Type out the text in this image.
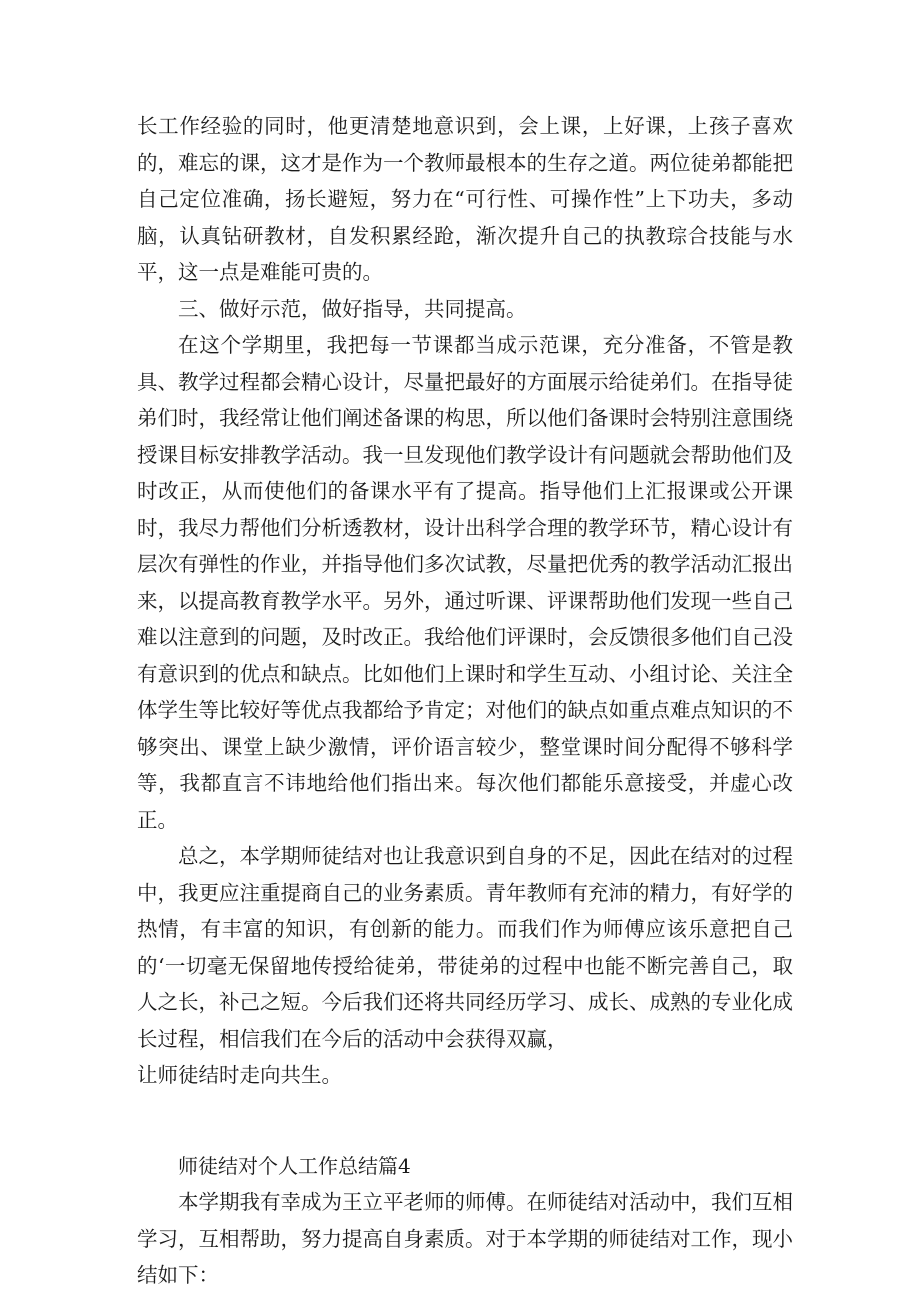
长工作经验的同时，他更清楚地意识到，会上课，上好课，上孩子喜欢的，难忘的课，这才是作为一个教师最根本的生存之道。两位徒弟都能把自己定位准确，扬长避短，努力在“可行性、可操作性”上下功夫，多动脑，认真钻研教材，自发积累经跄，渐次提升自己的执教琮合技能与水平，这一点是难能可贵的。

三、做好示范，做好指导，共同提高。

在这个学期里，我把每一节课都当成示范课，充分准备，不管是教具、教学过程都会精心设计，尽量把最好的方面展示给徒弟们。在指导徒弟们时，我经常让他们阐述备课的构思，所以他们备课时会特别注意围绕授课目标安排教学活动。我一旦发现他们教学设计有问题就会帮助他们及时改正，从而使他们的备课水平有了提高。指导他们上汇报课或公开课时，我尽力帮他们分析透教材，设计出科学合理的教学环节，精心设计有层次有弹性的作业，并指导他们多次试教，尽量把优秀的教学活动汇报出来，以提高教育教学水平。另外，通过听课、评课帮助他们发现一些自己难以注意到的问题，及时改正。我给他们评课时，会反馈很多他们自己没有意识到的优点和缺点。比如他们上课时和学生互动、小组讨论、关注全体学生等比较好等优点我都给予肯定；对他们的缺点如重点难点知识的不够突出、课堂上缺少激情，评价语言较少，整堂课时间分配得不够科学等，我都直言不讳地给他们指出来。每次他们都能乐意接受，并虚心改正。

总之，本学期师徒结对也让我意识到自身的不足，因此在结对的过程中，我更应注重提商自己的业务素质。青年教师有充沛的精力，有好学的热情，有丰富的知识，有创新的能力。而我们作为师傅应该乐意把自己的‘一切毫无保留地传授给徒弟，带徒弟的过程中也能不断完善自己，取人之长，补己之短。今后我们还将共同经历学习、成长、成熟的专业化成长过程，相信我们在今后的活动中会获得双赢，

让师徒结时走向共生。

师徒结对个人工作总结篇4

本学期我有幸成为王立平老师的师傅。在师徒结对活动中，我们互相学习，互相帮助，努力提高自身素质。对于本学期的师徒结对工作，现小结如下：
